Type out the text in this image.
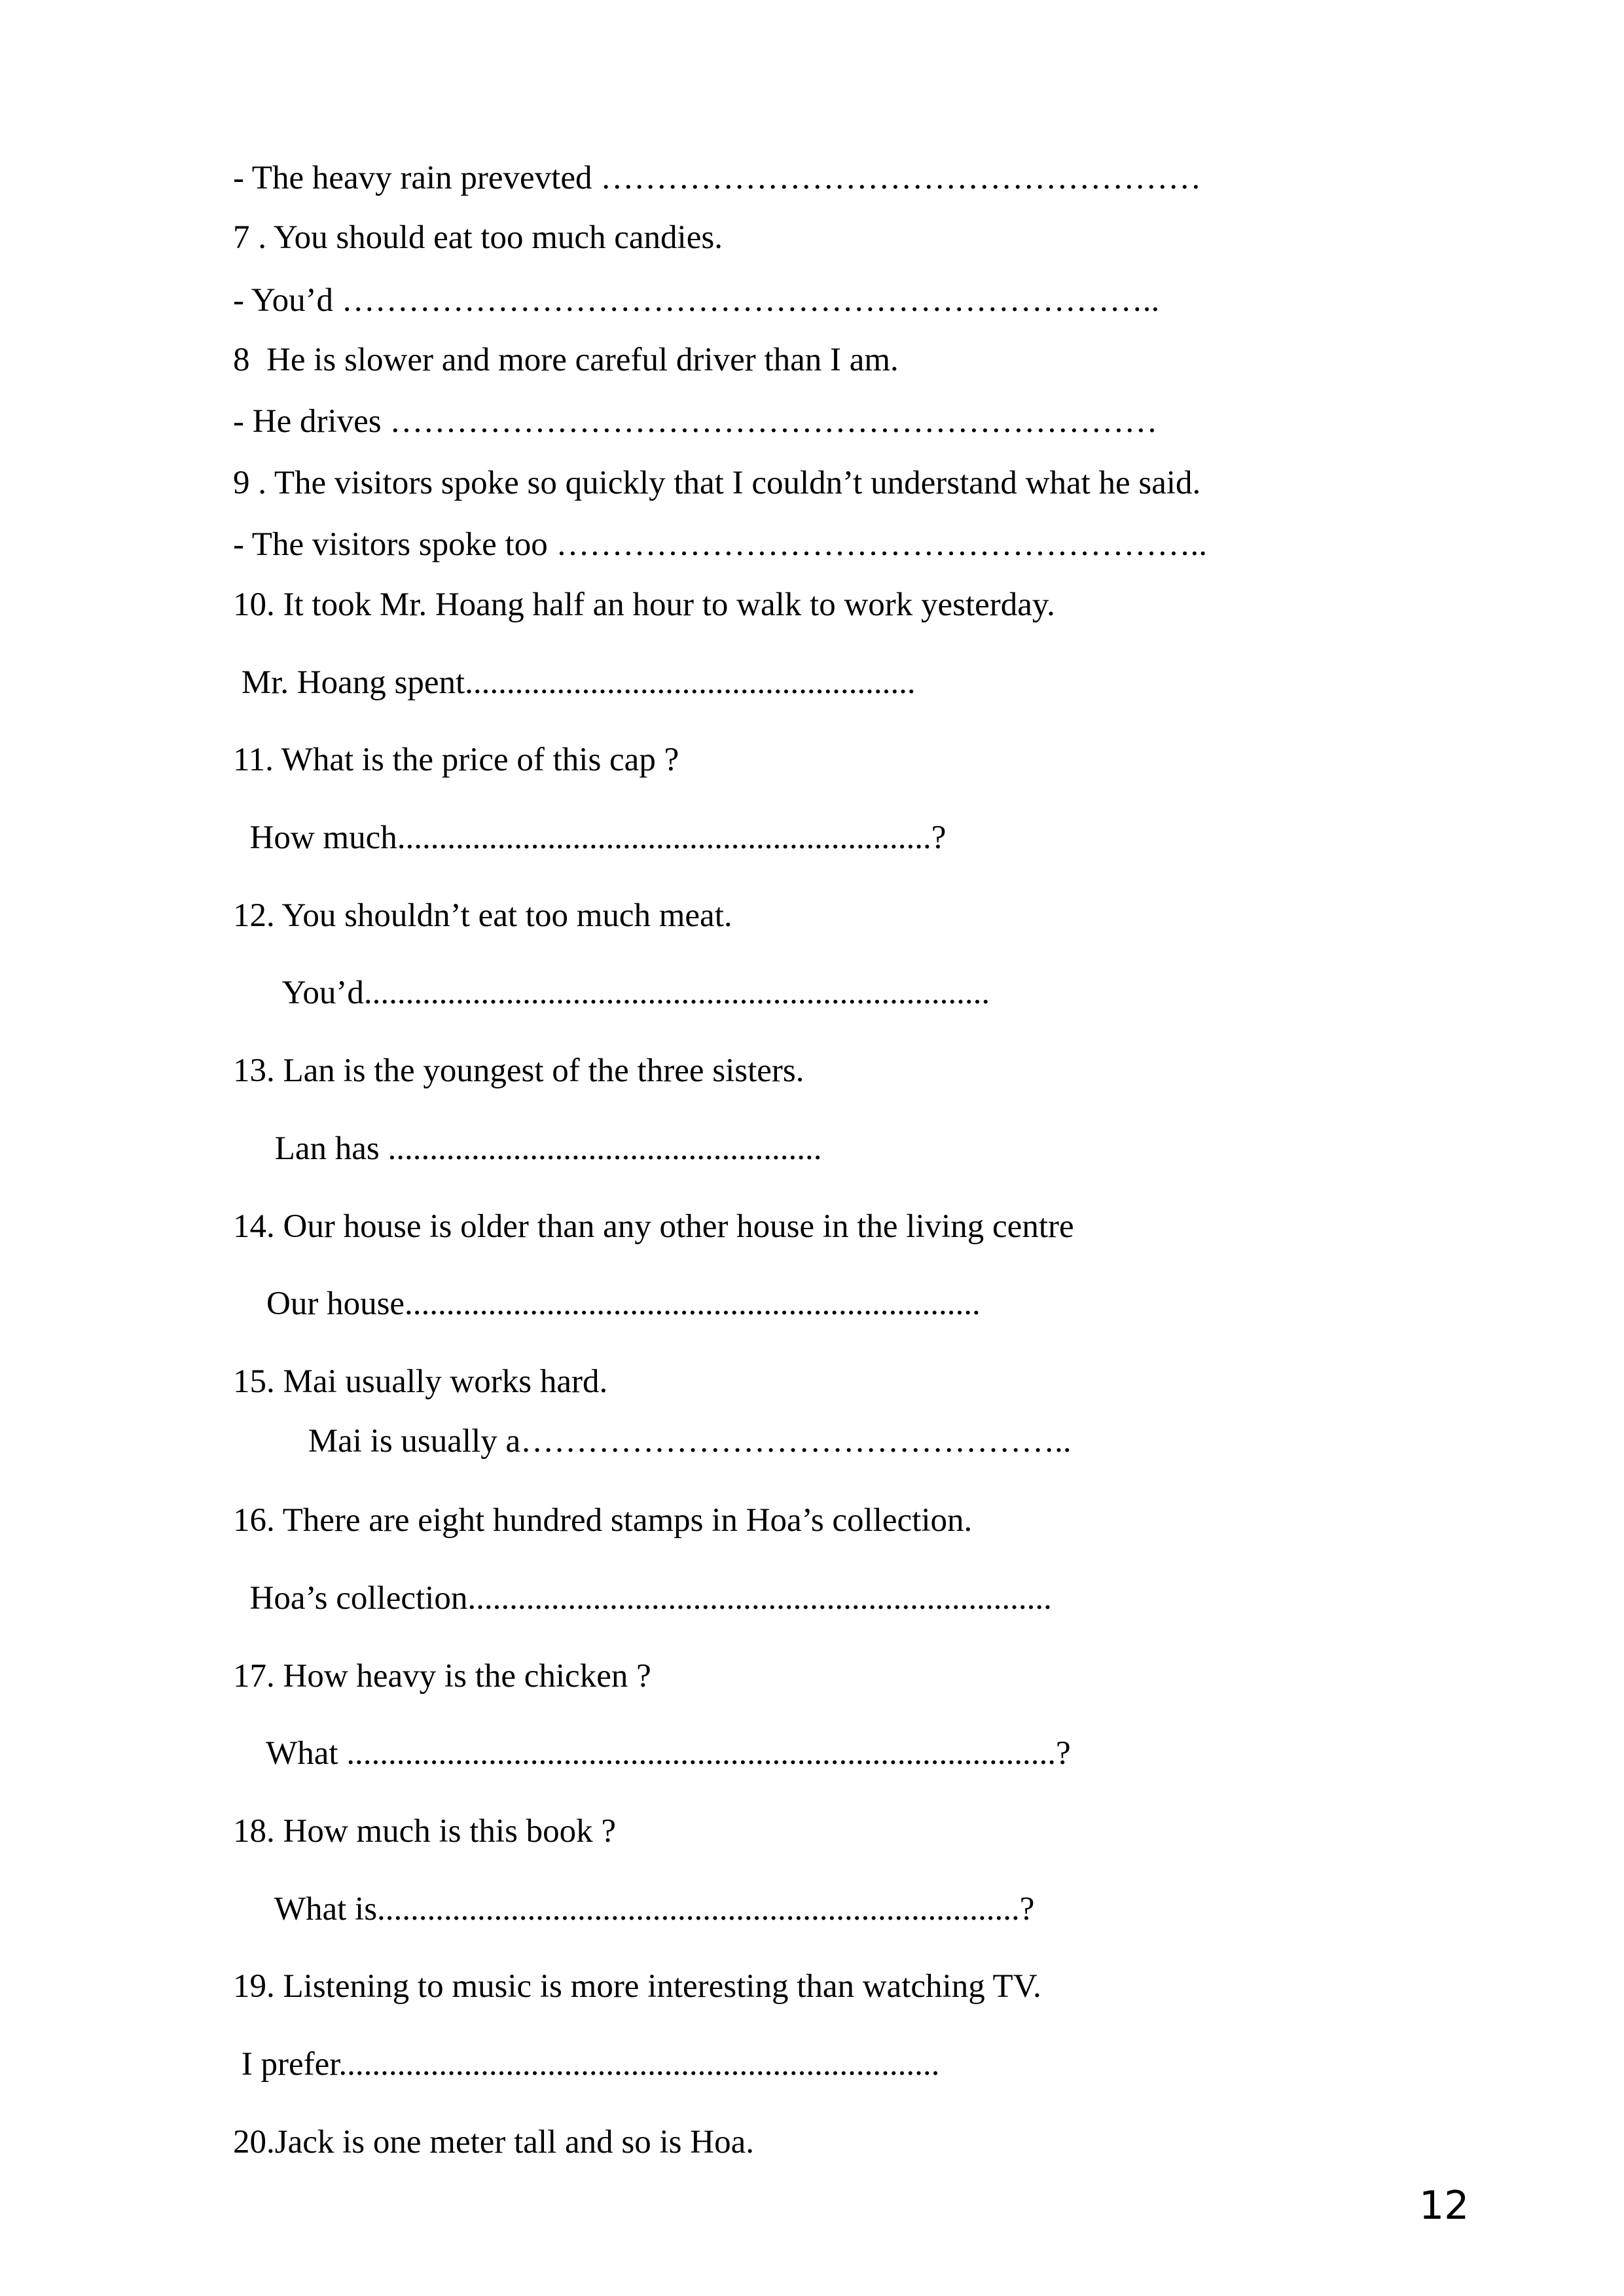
- The heavy rain prevevted ………………………………………………
7 . You should eat too much candies.
- You’d ………………………………………………………………..
8  He is slower and more careful driver than I am.
- He drives ……………………………………………………………
9 . The visitors spoke so quickly that I couldn’t understand what he said.
- The visitors spoke too …………………………………………………..
10. It took Mr. Hoang half an hour to walk to work yesterday.
Mr. Hoang spent......................................................
11. What is the price of this cap ?
How much................................................................?
12. You shouldn’t eat too much meat.
You’d...........................................................................
13. Lan is the youngest of the three sisters.
Lan has ....................................................
14. Our house is older than any other house in the living centre
Our house.....................................................................
15. Mai usually works hard.
Mai is usually a…………………………………………..
16. There are eight hundred stamps in Hoa’s collection.
Hoa’s collection......................................................................
17. How heavy is the chicken ?
What .....................................................................................?
18. How much is this book ?
What is.............................................................................?
19. Listening to music is more interesting than watching TV.
I prefer........................................................................
20.Jack is one meter tall and so is Hoa.
12
